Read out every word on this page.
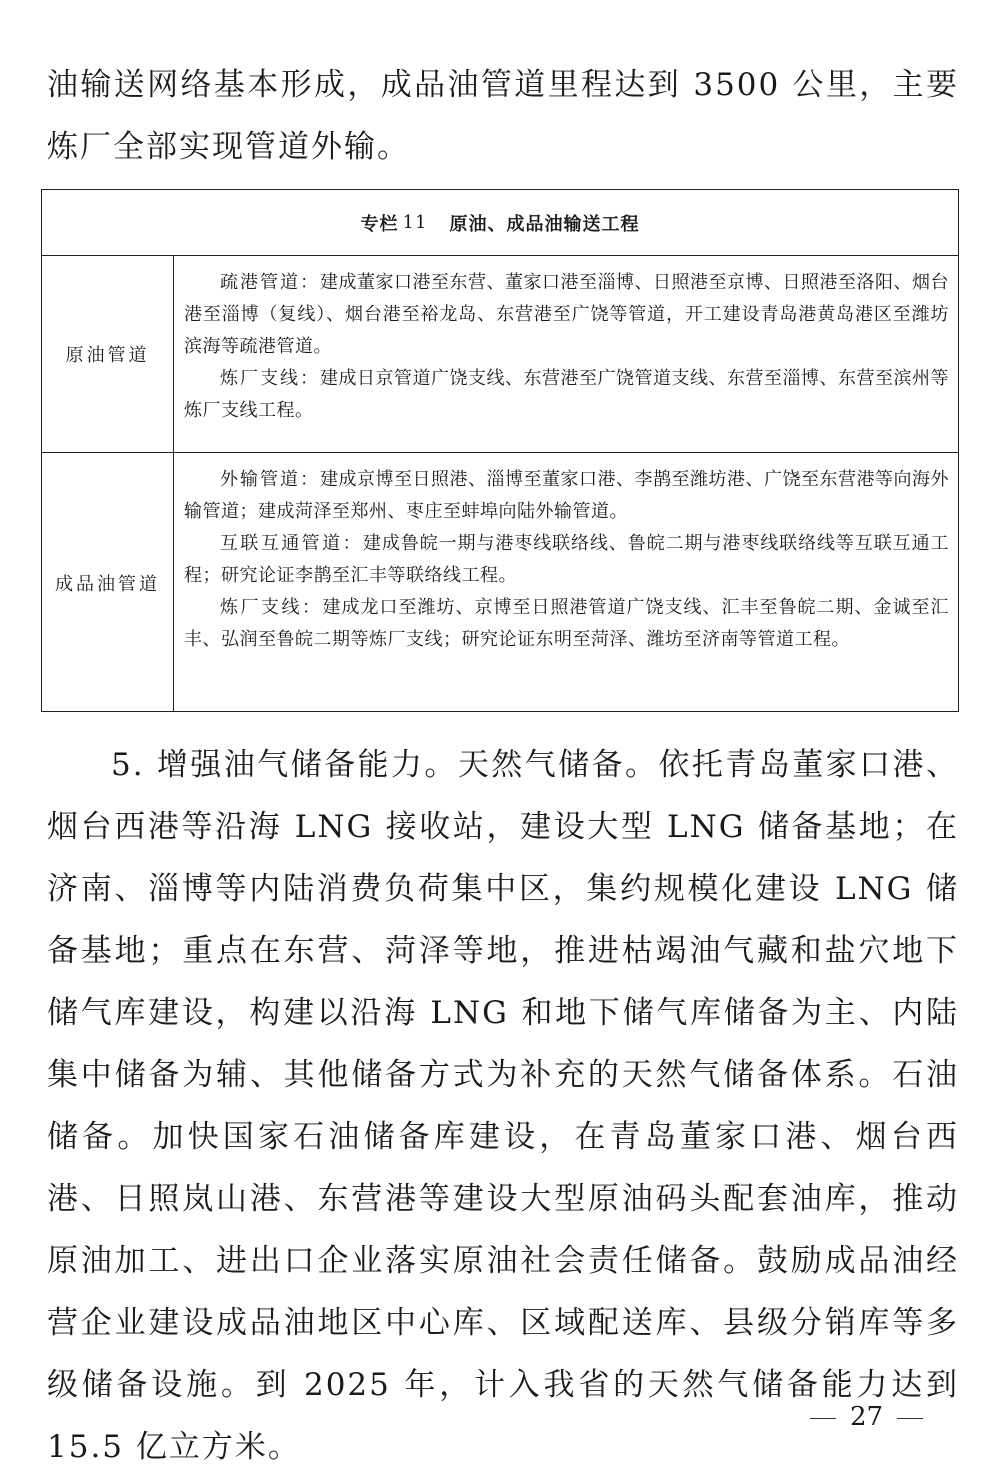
油输送网络基本形成，成品油管道里程达到 3500 公里，主要炼厂全部实现管道外输。

专栏 11 原油、成品油输送工程
原油管道

疏港管道：建成董家口港至东营、董家口港至淄博、日照港至京博、日照港至洛阳、烟台港至淄博（复线）、烟台港至裕龙岛、东营港至广饶等管道，开工建设青岛港黄岛港区至潍坊滨海等疏港管道。

炼厂支线：建成日京管道广饶支线、东营港至广饶管道支线、东营至淄博、东营至滨州等炼厂支线工程。

成品油管道

外输管道：建成京博至日照港、淄博至董家口港、李鹊至潍坊港、广饶至东营港等向海外输管道；建成菏泽至郑州、枣庄至蚌埠向陆外输管道。

互联互通管道：建成鲁皖一期与港枣线联络线、鲁皖二期与港枣线联络线等互联互通工程；研究论证李鹊至汇丰等联络线工程。

炼厂支线：建成龙口至潍坊、京博至日照港管道广饶支线、汇丰至鲁皖二期、金诚至汇丰、弘润至鲁皖二期等炼厂支线；研究论证东明至菏泽、潍坊至济南等管道工程。

5. 增强油气储备能力。天然气储备。依托青岛董家口港、烟台西港等沿海 LNG 接收站，建设大型 LNG 储备基地；在济南、淄博等内陆消费负荷集中区，集约规模化建设 LNG 储备基地；重点在东营、菏泽等地，推进枯竭油气藏和盐穴地下储气库建设，构建以沿海 LNG 和地下储气库储备为主、内陆集中储备为辅、其他储备方式为补充的天然气储备体系。石油储备。加快国家石油储备库建设，在青岛董家口港、烟台西港、日照岚山港、东营港等建设大型原油码头配套油库，推动原油加工、进出口企业落实原油社会责任储备。鼓励成品油经营企业建设成品油地区中心库、区域配送库、县级分销库等多级储备设施。到 2025 年，计入我省的天然气储备能力达到 15.5 亿立方米。

27
